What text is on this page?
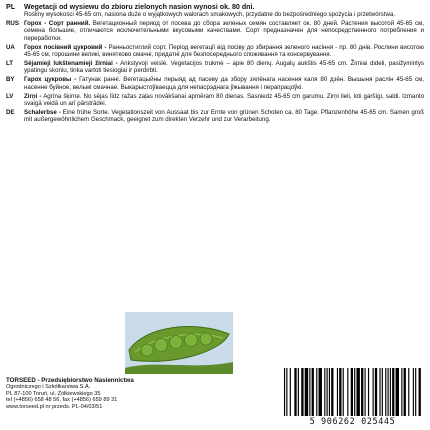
PL	Wegetacji od wysiewu do zbioru zielonych nasion wynosi ok. 80 dni.
Rośliny wysokości 45-65 cm, nasiona duże o wyjątkowych walorach smakowych, przydatne do bezpośredniego spożycia i przetwórstwa.
RUS Горох - Сорт ранний. Вегетационный период от посева до сбора зеленых семян составляет ок. 80 дней. Растения высотой 45-65 см, семена большие, отличаются исключительными вкусовыми качествами. Сорт предназначен для непосредственного потребления и переработки.
UA	Горох посівний цукровий - Ранньостиглий сорт. Період вегетації від посіву до збирання зеленого насіння - пр. 80 днів. Рослини висотою 45-65 см, горошини великі, винятково смачні, придатні для безпосереднього споживання та консервування.
LT	Sėjamieji lukštenamieji žirniai - Ankstyvoji veislė. Vegetacijos trukmė – apie 80 dienų. Augalų aukštis 45-65 cm. Žirniai dideli, pasižymintys ypatingu skoniu, tinka vartoti tiesiogiai ir perdirbti.
BY	Гарох цукровы - Гатунак ранні. Вегетацыйны перыяд ад пасеву да збору зялёнага насення каля 80 дзён. Вышыня раслін 45-65 см, насенне буйное, вельмі смачнае. Выкарыстоўваецца для непасрэднага ўжывання і перапрацоўкі.
LV	Zirņi - Agrīna šķirne. No sējas līdz ražas zaļas novākšanai apmēram 80 dienas. Sasniedz 45-65 cm garumu. Zirņi lieli, loti garšīgi, saldi. Izmanto svaigā veidā un arī pārstrādei.
DE	Schalerbse - Eine frühe Sorte. Vegetationszeit von Aussaat bis zur Ernte von grünen Schoten ca. 80 Tage. Pflanzenhöhe 45-65 cm. Samen groß mit außergewöhnlichem Geschmack, geeignet zum direkten Verzehr und zur Verarbeitung.
TORSEED - Przedsiębiorstwo Nasiennictwa
Ogrodniczego i Szkółkarstwa S.A.
PL 87-100 Toruń, ul. Żółkiewskiego 35
tel (+4856) 658 48 56, fax (+4856) 659 89 31
www.torseed.pl nr przeds. PL-04/03/51
5 906262 025445
